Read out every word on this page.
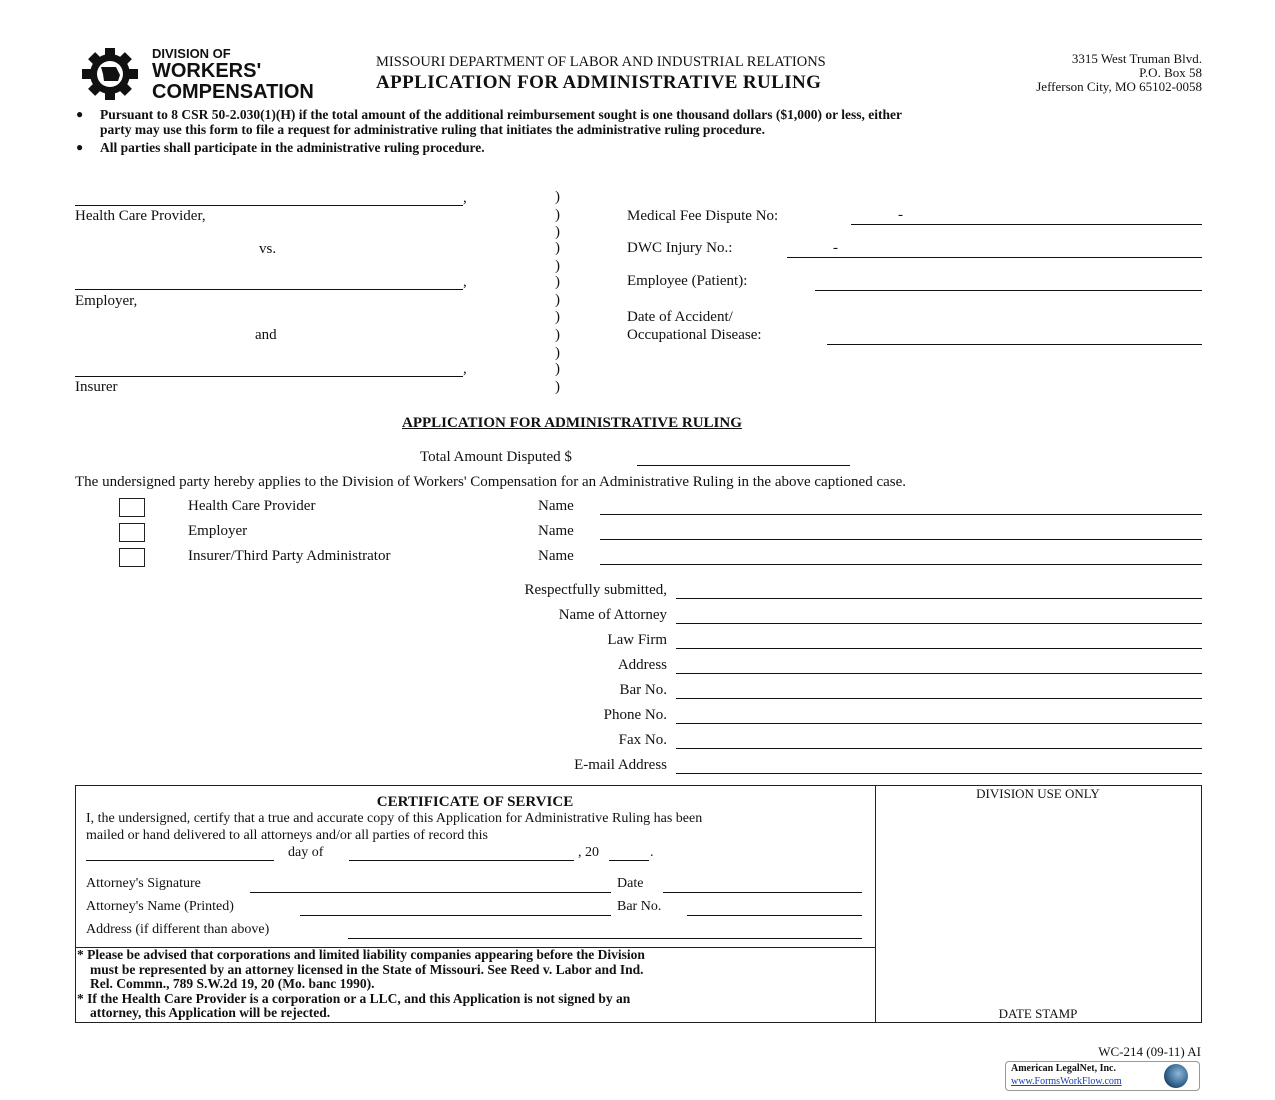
DIVISION OF
WORKERS'
COMPENSATION
MISSOURI DEPARTMENT OF LABOR AND INDUSTRIAL RELATIONS
APPLICATION FOR ADMINISTRATIVE RULING
3315 West Truman Blvd.
P.O. Box 58
Jefferson City, MO 65102-0058
● Pursuant to 8 CSR 50-2.030(1)(H) if the total amount of the additional reimbursement sought is one thousand dollars ($1,000) or less, either
party may use this form to file a request for administrative ruling that initiates the administrative ruling procedure.
● All parties shall participate in the administrative ruling procedure.
,
Health Care Provider,
vs.
,
Employer,
and
,
Insurer
Medical Fee Dispute No:	-
DWC Injury No.:	-
Employee (Patient):
Date of Accident/
Occupational Disease:
APPLICATION FOR ADMINISTRATIVE RULING
Total Amount Disputed $
The undersigned party hereby applies to the Division of Workers' Compensation for an Administrative Ruling in the above captioned case.
CERTIFICATE OF SERVICE
I, the undersigned, certify that a true and accurate copy of this Application for Administrative Ruling has been
mailed or hand delivered to all attorneys and/or all parties of record this
day of	, 20	.
Attorney's Signature	Date
Attorney's Name (Printed)	Bar No.
Address (if different than above)
* Please be advised that corporations and limited liability companies appearing before the Division
must be represented by an attorney licensed in the State of Missouri. See Reed v. Labor and Ind.
Rel. Commn., 789 S.W.2d 19, 20 (Mo. banc 1990).
* If the Health Care Provider is a corporation or a LLC, and this Application is not signed by an
attorney, this Application will be rejected.
DIVISION USE ONLY
DATE STAMP
WC-214 (09-11) AI
American LegalNet, Inc.
www.FormsWorkFlow.com
)
)
)
)
)
)
)
)
)
)
)
)
Health Care Provider	Name
Employer	Name
Insurer/Third Party Administrator	Name
Respectfully submitted,
Name of Attorney
Law Firm
Address
Bar No.
Phone No.
Fax No.
E-mail Address
